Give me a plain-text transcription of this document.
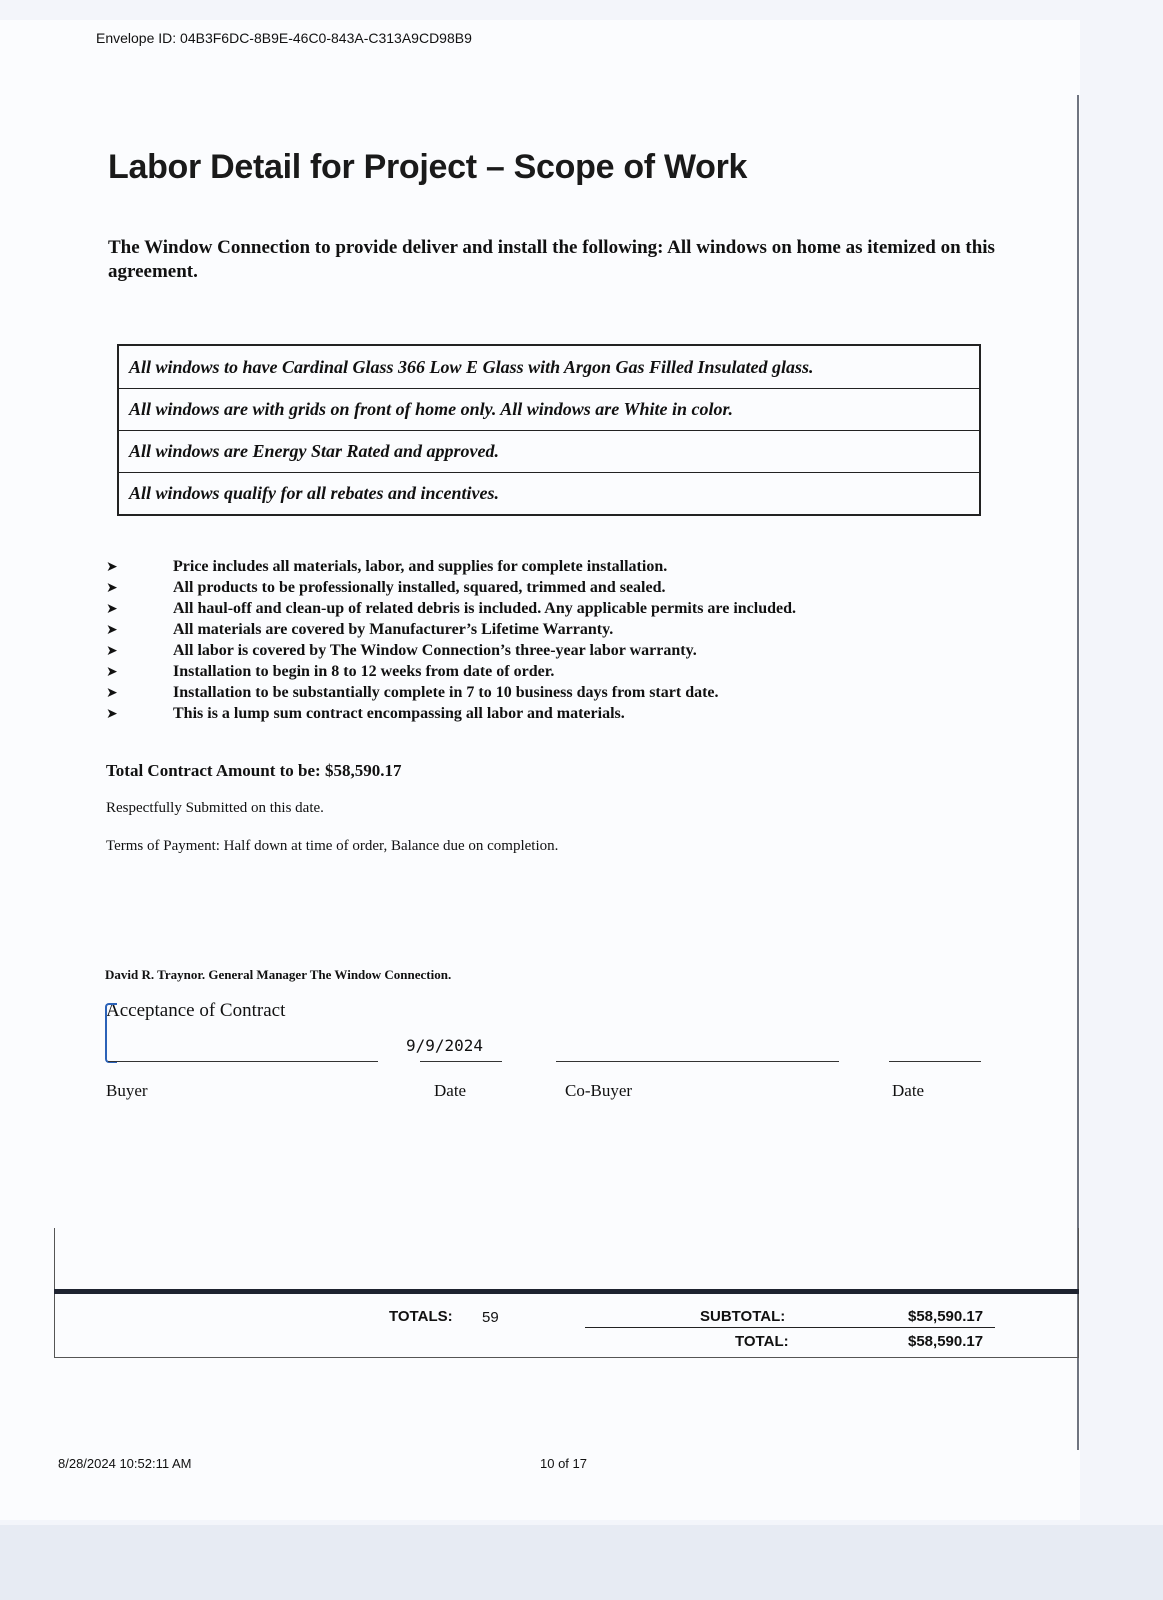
Envelope ID: 04B3F6DC-8B9E-46C0-843A-C313A9CD98B9
Labor Detail for Project – Scope of Work
The Window Connection to provide deliver and install the following: All windows on home as itemized on this agreement.
All windows to have Cardinal Glass 366 Low E Glass with Argon Gas Filled Insulated glass.
All windows are with grids on front of home only. All windows are White in color.
All windows are Energy Star Rated and approved.
All windows qualify for all rebates and incentives.
➤	Price includes all materials, labor, and supplies for complete installation.
➤	All products to be professionally installed, squared, trimmed and sealed.
➤	All haul-off and clean-up of related debris is included. Any applicable permits are included.
➤	All materials are covered by Manufacturer’s Lifetime Warranty.
➤	All labor is covered by The Window Connection’s three-year labor warranty.
➤	Installation to begin in 8 to 12 weeks from date of order.
➤	Installation to be substantially complete in 7 to 10 business days from start date.
➤	This is a lump sum contract encompassing all labor and materials.
Total Contract Amount to be: $58,590.17
Respectfully Submitted on this date.
Terms of Payment: Half down at time of order, Balance due on completion.
David R. Traynor. General Manager The Window Connection.
Acceptance of Contract
9/9/2024
Buyer	Date	Co-Buyer	Date
TOTALS: 59	SUBTOTAL:	$58,590.17
TOTAL:	$58,590.17
8/28/2024 10:52:11 AM	10 of 17
